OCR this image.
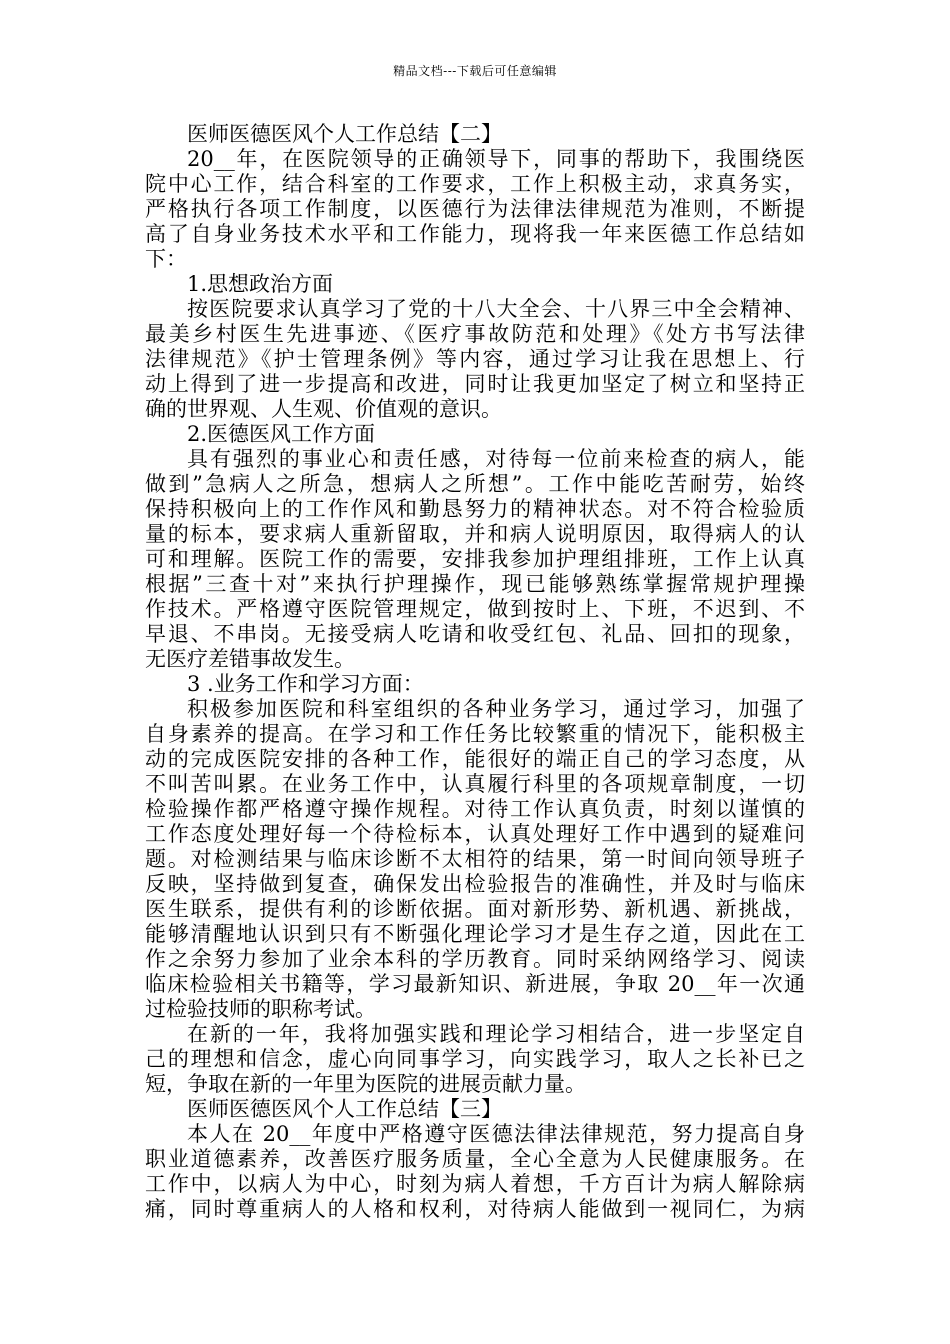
精品文档---下载后可任意编辑
医师医德医风个人工作总结【二】
20__年，在医院领导的正确领导下，同事的帮助下，我围绕医
院中心工作，结合科室的工作要求，工作上积极主动，求真务实，
严格执行各项工作制度，以医德行为法律法律规范为准则，不断提
高了自身业务技术水平和工作能力，现将我一年来医德工作总结如
下：
1.思想政治方面
按医院要求认真学习了党的十八大全会、十八界三中全会精神、
最美乡村医生先进事迹、《医疗事故防范和处理》《处方书写法律
法律规范》《护士管理条例》等内容，通过学习让我在思想上、行
动上得到了进一步提高和改进，同时让我更加坚定了树立和坚持正
确的世界观、人生观、价值观的意识。
2.医德医风工作方面
具有强烈的事业心和责任感，对待每一位前来检查的病人，能
做到”急病人之所急，想病人之所想”。工作中能吃苦耐劳，始终
保持积极向上的工作作风和勤恳努力的精神状态。对不符合检验质
量的标本，要求病人重新留取，并和病人说明原因，取得病人的认
可和理解。医院工作的需要，安排我参加护理组排班，工作上认真
根据”三查十对”来执行护理操作，现已能够熟练掌握常规护理操
作技术。严格遵守医院管理规定，做到按时上、下班，不迟到、不
早退、不串岗。无接受病人吃请和收受红包、礼品、回扣的现象，
无医疗差错事故发生。
3 .业务工作和学习方面：
积极参加医院和科室组织的各种业务学习，通过学习，加强了
自身素养的提高。在学习和工作任务比较繁重的情况下，能积极主
动的完成医院安排的各种工作，能很好的端正自己的学习态度，从
不叫苦叫累。在业务工作中，认真履行科里的各项规章制度，一切
检验操作都严格遵守操作规程。对待工作认真负责，时刻以谨慎的
工作态度处理好每一个待检标本，认真处理好工作中遇到的疑难问
题。对检测结果与临床诊断不太相符的结果，第一时间向领导班子
反映，坚持做到复查，确保发出检验报告的准确性，并及时与临床
医生联系，提供有利的诊断依据。面对新形势、新机遇、新挑战，
能够清醒地认识到只有不断强化理论学习才是生存之道，因此在工
作之余努力参加了业余本科的学历教育。同时采纳网络学习、阅读
临床检验相关书籍等，学习最新知识、新进展，争取 20__年一次通
过检验技师的职称考试。
在新的一年，我将加强实践和理论学习相结合，进一步坚定自
己的理想和信念，虚心向同事学习，向实践学习，取人之长补已之
短，争取在新的一年里为医院的进展贡献力量。
医师医德医风个人工作总结【三】
本人在 20__年度中严格遵守医德法律法律规范，努力提高自身
职业道德素养，改善医疗服务质量，全心全意为人民健康服务。在
工作中，以病人为中心，时刻为病人着想，千方百计为病人解除病
痛，同时尊重病人的人格和权利，对待病人能做到一视同仁，为病
